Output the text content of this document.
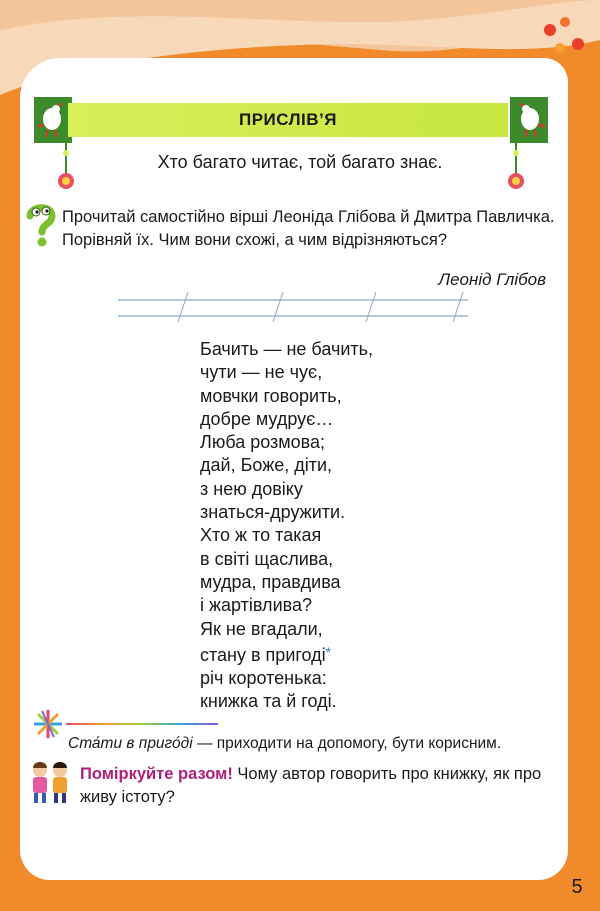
ПРИСЛІВ’Я
Хто багато читає, той багато знає.
Прочитай самостійно вірші Леоніда Глібова й Дмитра Павличка. Порівняй їх. Чим вони схожі, а чим відрізняються?
Леонід Глібов
Бачить — не бачить,
чути — не чує,
мовчки говорить,
добре мудрує…
Люба розмова;
дай, Боже, діти,
з нею довіку
знаться-дружити.
Хто ж то такая
в світі щаслива,
мудра, правдива
і жартівлива?
Як не вгадали,
стану в пригоді*
річ коротенька:
книжка та й годі.
Ста́ти в приго́ді — приходити на допомогу, бути корисним.
Поміркуйте разом! Чому автор говорить про книжку, як про живу істоту?
5
